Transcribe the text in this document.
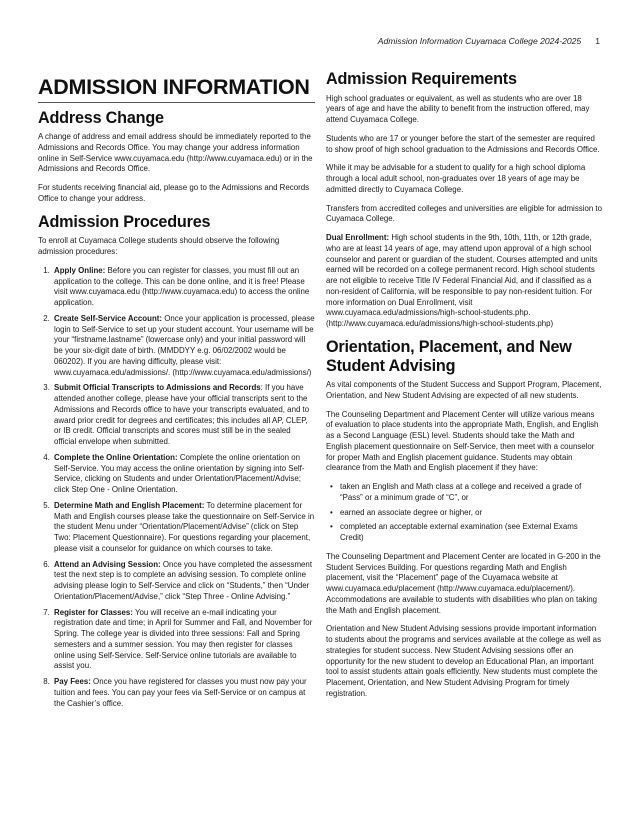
Admission Information Cuyamaca College 2024-2025 1
ADMISSION INFORMATION
Address Change

A change of address and email address should be immediately reported to the Admissions and Records Office. You may change your address information online in Self-Service www.cuyamaca.edu (http://www.cuyamaca.edu) or in the Admissions and Records Office.

For students receiving financial aid, please go to the Admissions and Records Office to change your address.

Admission Procedures

To enroll at Cuyamaca College students should observe the following admission procedures:

1. Apply Online: Before you can register for classes, you must fill out an application to the college. This can be done online, and it is free! Please visit www.cuyamaca.edu (http://www.cuyamaca.edu) to access the online application.
2. Create Self-Service Account: Once your application is processed, please login to Self-Service to set up your student account. Your username will be your “firstname.lastname” (lowercase only) and your initial password will be your six-digit date of birth. (MMDDYY e.g. 06/02/2002 would be 060202). If you are having difficulty, please visit: www.cuyamaca.edu/admissions/. (http://www.cuyamaca.edu/admissions/)
3. Submit Official Transcripts to Admissions and Records: If you have attended another college, please have your official transcripts sent to the Admissions and Records office to have your transcripts evaluated, and to award prior credit for degrees and certificates; this includes all AP, CLEP, or IB credit. Official transcripts and scores must still be in the sealed official envelope when submitted.
4. Complete the Online Orientation: Complete the online orientation on Self-Service. You may access the online orientation by signing into Self-Service, clicking on Students and under Orientation/Placement/Advise; click Step One - Online Orientation.
5. Determine Math and English Placement: To determine placement for Math and English courses please take the questionnaire on Self-Service in the student Menu under “Orientation/Placement/Advise” (click on Step Two: Placement Questionnaire). For questions regarding your placement, please visit a counselor for guidance on which courses to take.
6. Attend an Advising Session: Once you have completed the assessment test the next step is to complete an advising session. To complete online advising please login to Self-Service and click on “Students,” then “Under Orientation/Placement/Advise,” click “Step Three - Online Advising.”
7. Register for Classes: You will receive an e-mail indicating your registration date and time; in April for Summer and Fall, and November for Spring. The college year is divided into three sessions: Fall and Spring semesters and a summer session. You may then register for classes online using Self-Service. Self-Service online tutorials are available to assist you.
8. Pay Fees: Once you have registered for classes you must now pay your tuition and fees. You can pay your fees via Self-Service or on campus at the Cashier’s office.
Admission Requirements

High school graduates or equivalent, as well as students who are over 18 years of age and have the ability to benefit from the instruction offered, may attend Cuyamaca College.

Students who are 17 or younger before the start of the semester are required to show proof of high school graduation to the Admissions and Records Office.

While it may be advisable for a student to qualify for a high school diploma through a local adult school, non-graduates over 18 years of age may be admitted directly to Cuyamaca College.

Transfers from accredited colleges and universities are eligible for admission to Cuyamaca College.

Dual Enrollment: High school students in the 9th, 10th, 11th, or 12th grade, who are at least 14 years of age, may attend upon approval of a high school counselor and parent or guardian of the student. Courses attempted and units earned will be recorded on a college permanent record. High school students are not eligible to receive Title IV Federal Financial Aid, and if classified as a non-resident of California, will be responsible to pay non-resident tuition. For more information on Dual Enrollment, visit www.cuyamaca.edu/admissions/high-school-students.php. (http://www.cuyamaca.edu/admissions/high-school-students.php)

Orientation, Placement, and New Student Advising

As vital components of the Student Success and Support Program, Placement, Orientation, and New Student Advising are expected of all new students.

The Counseling Department and Placement Center will utilize various means of evaluation to place students into the appropriate Math, English, and English as a Second Language (ESL) level. Students should take the Math and English placement questionnaire on Self-Service, then meet with a counselor for proper Math and English placement guidance. Students may obtain clearance from the Math and English placement if they have:

• taken an English and Math class at a college and received a grade of “Pass” or a minimum grade of “C”, or
• earned an associate degree or higher, or
• completed an acceptable external examination (see External Exams Credit)

The Counseling Department and Placement Center are located in G-200 in the Student Services Building. For questions regarding Math and English placement, visit the “Placement” page of the Cuyamaca website at www.cuyamaca.edu/placement (http://www.cuyamaca.edu/placement/). Accommodations are available to students with disabilities who plan on taking the Math and English placement.

Orientation and New Student Advising sessions provide important information to students about the programs and services available at the college as well as strategies for student success. New Student Advising sessions offer an opportunity for the new student to develop an Educational Plan, an important tool to assist students attain goals efficiently. New students must complete the Placement, Orientation, and New Student Advising Program for timely registration.
